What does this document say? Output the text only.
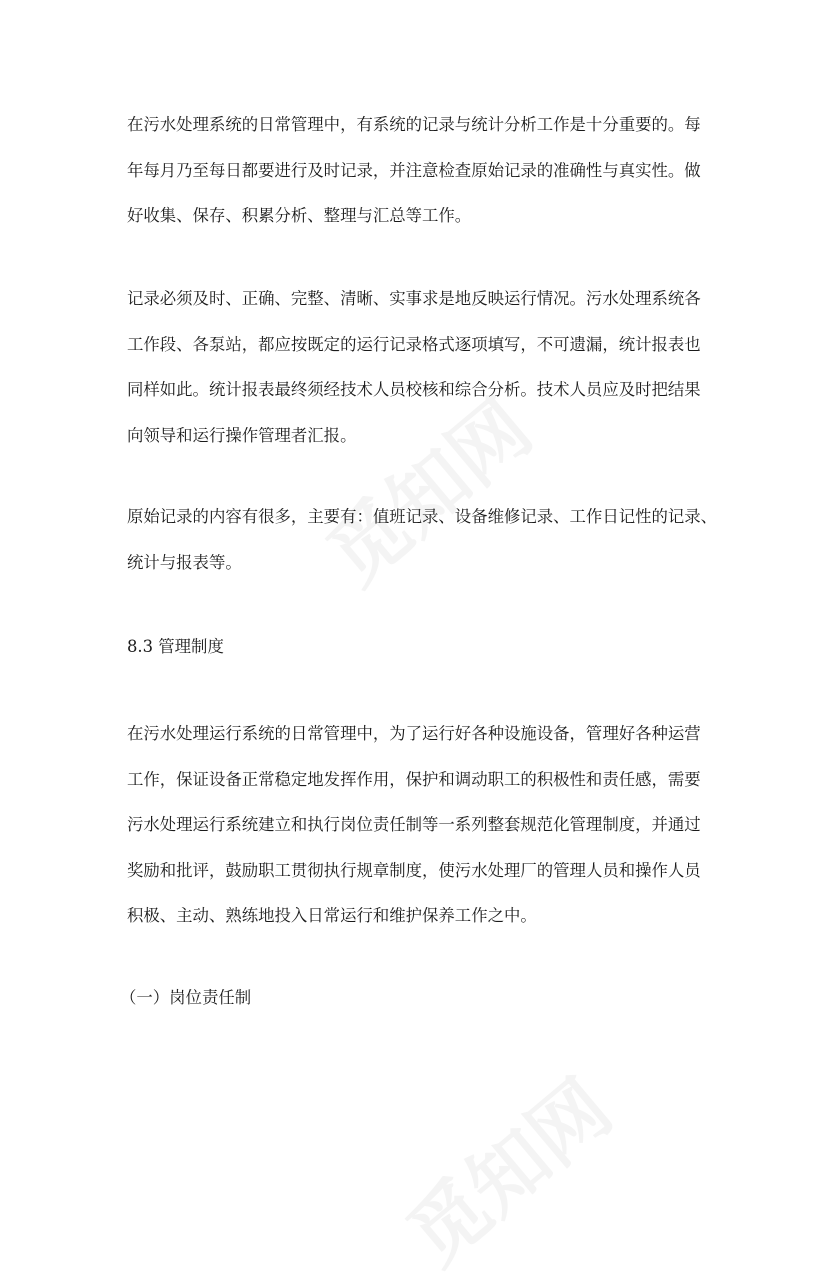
在污水处理系统的日常管理中，有系统的记录与统计分析工作是十分重要的。每
年每月乃至每日都要进行及时记录，并注意检查原始记录的准确性与真实性。做
好收集、保存、积累分析、整理与汇总等工作。
记录必须及时、正确、完整、清晰、实事求是地反映运行情况。污水处理系统各
工作段、各泵站，都应按既定的运行记录格式逐项填写，不可遗漏，统计报表也
同样如此。统计报表最终须经技术人员校核和综合分析。技术人员应及时把结果
向领导和运行操作管理者汇报。
原始记录的内容有很多，主要有：值班记录、设备维修记录、工作日记性的记录、
统计与报表等。
8.3 管理制度
在污水处理运行系统的日常管理中，为了运行好各种设施设备，管理好各种运营
工作，保证设备正常稳定地发挥作用，保护和调动职工的积极性和责任感，需要
污水处理运行系统建立和执行岗位责任制等一系列整套规范化管理制度，并通过
奖励和批评，鼓励职工贯彻执行规章制度，使污水处理厂的管理人员和操作人员
积极、主动、熟练地投入日常运行和维护保养工作之中。
（一）岗位责任制
